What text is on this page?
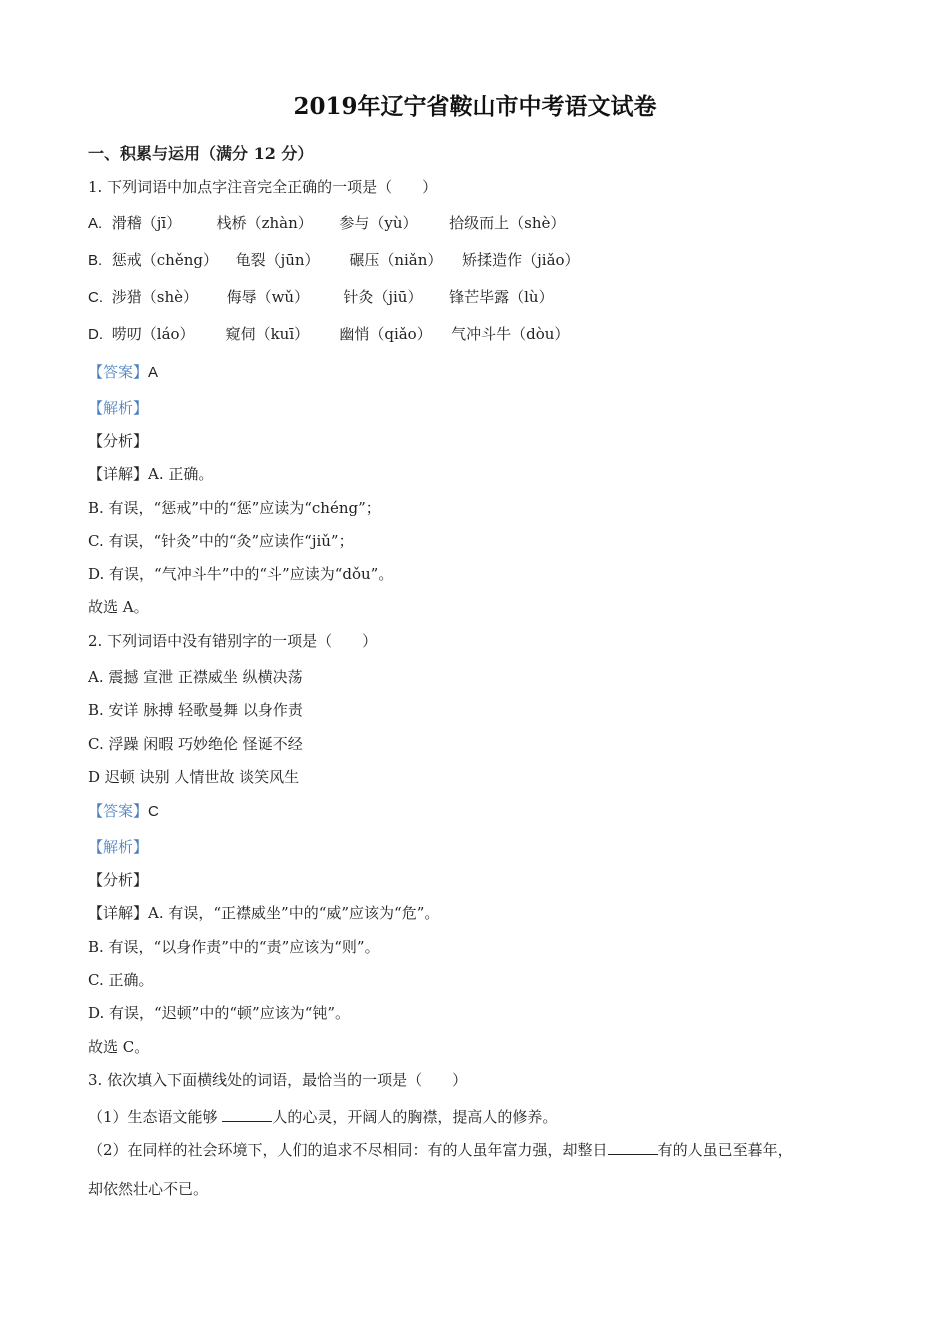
2019年辽宁省鞍山市中考语文试卷
一、积累与运用（满分 12 分）
1. 下列词语中加点字注音完全正确的一项是（　　）
A. 滑稽（jī） 栈桥（zhàn） 参与（yù） 拾级而上（shè）
B. 惩戒（chěng） 龟裂（jūn） 碾压（niǎn） 矫揉造作（jiǎo）
C. 涉猎（shè） 侮辱（wǔ） 针灸（jiū） 锋芒毕露（lù）
D. 唠叨（láo） 窥伺（kuī） 幽悄（qiǎo） 气冲斗牛（dòu）
【答案】A
【解析】
【分析】
【详解】A. 正确。
B. 有误，“惩戒”中的“惩”应读为“chéng”；
C. 有误，“针灸”中的“灸”应读作“jiǔ”；
D. 有误，“气冲斗牛”中的“斗”应读为“dǒu”。
故选 A。
2. 下列词语中没有错别字的一项是（　　）
A. 震撼 宣泄 正襟威坐 纵横决荡
B. 安详 脉搏 轻歌曼舞 以身作责
C. 浮躁 闲暇 巧妙绝伦 怪诞不经
D 迟顿 诀别 人情世故 谈笑风生
【答案】C
【解析】
【分析】
【详解】A. 有误，“正襟威坐”中的“威”应该为“危”。
B. 有误，“以身作责”中的“责”应该为“则”。
C. 正确。
D. 有误，“迟顿”中的“顿”应该为“钝”。
故选 C。
3. 依次填入下面横线处的词语，最恰当的一项是（　　）
（1）生态语文能够	人的心灵，开阔人的胸襟，提高人的修养。
（2）在同样的社会环境下，人们的追求不尽相同：有的人虽年富力强，却整日	有的人虽已至暮年，
却依然壮心不已。
